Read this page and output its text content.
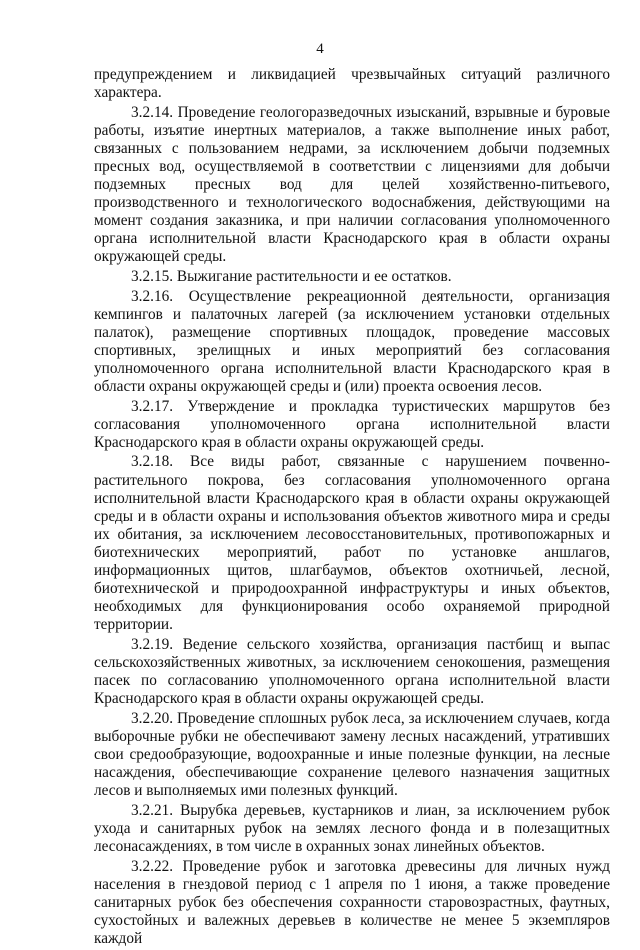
4

предупреждением и ликвидацией чрезвычайных ситуаций различного характера.

3.2.14. Проведение геологоразведочных изысканий, взрывные и буровые работы, изъятие инертных материалов, а также выполнение иных работ, связанных с пользованием недрами, за исключением добычи подземных пресных вод, осуществляемой в соответствии с лицензиями для добычи подземных пресных вод для целей хозяйственно-питьевого, производственного и технологического водоснабжения, действующими на момент создания заказника, и при наличии согласования уполномоченного органа исполнительной власти Краснодарского края в области охраны окружающей среды.

3.2.15. Выжигание растительности и ее остатков.

3.2.16. Осуществление рекреационной деятельности, организация кемпингов и палаточных лагерей (за исключением установки отдельных палаток), размещение спортивных площадок, проведение массовых спортивных, зрелищных и иных мероприятий без согласования уполномоченного органа исполнительной власти Краснодарского края в области охраны окружающей среды и (или) проекта освоения лесов.

3.2.17. Утверждение и прокладка туристических маршрутов без согласования уполномоченного органа исполнительной власти Краснодарского края в области охраны окружающей среды.

3.2.18. Все виды работ, связанные с нарушением почвенно-растительного покрова, без согласования уполномоченного органа исполнительной власти Краснодарского края в области охраны окружающей среды и в области охраны и использования объектов животного мира и среды их обитания, за исключением лесовосстановительных, противопожарных и биотехнических мероприятий, работ по установке аншлагов, информационных щитов, шлагбаумов, объектов охотничьей, лесной, биотехнической и природоохранной инфраструктуры и иных объектов, необходимых для функционирования особо охраняемой природной территории.

3.2.19. Ведение сельского хозяйства, организация пастбищ и выпас сельскохозяйственных животных, за исключением сенокошения, размещения пасек по согласованию уполномоченного органа исполнительной власти Краснодарского края в области охраны окружающей среды.

3.2.20. Проведение сплошных рубок леса, за исключением случаев, когда выборочные рубки не обеспечивают замену лесных насаждений, утративших свои средообразующие, водоохранные и иные полезные функции, на лесные насаждения, обеспечивающие сохранение целевого назначения защитных лесов и выполняемых ими полезных функций.

3.2.21. Вырубка деревьев, кустарников и лиан, за исключением рубок ухода и санитарных рубок на землях лесного фонда и в полезащитных лесонасаждениях, в том числе в охранных зонах линейных объектов.

3.2.22. Проведение рубок и заготовка древесины для личных нужд населения в гнездовой период с 1 апреля по 1 июня, а также проведение санитарных рубок без обеспечения сохранности старовозрастных, фаутных, сухостойных и валежных деревьев в количестве не менее 5 экземпляров каждой
